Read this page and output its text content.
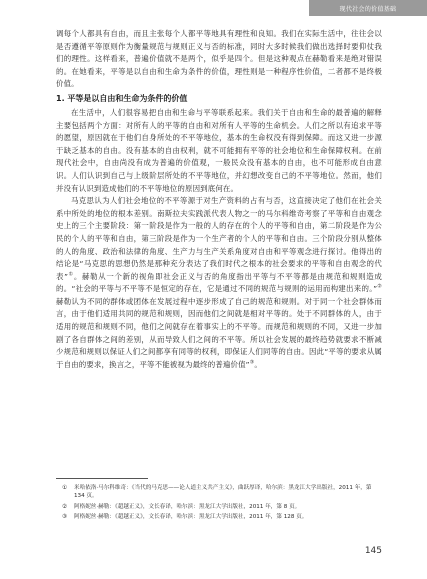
现代社会的价值基础

调每个人都具有自由，而且主张每个人都平等地具有理性和良知。我们在实际生活中，往往会以是否遵循平等原则作为衡量规范与规则正义与否的标准，同时大多时候我们做出选择时要仰仗我们的理性。这样看来，普遍价值就不是两个，似乎是四个。但是这种观点在赫勒看来是绝对错误的。在她看来，平等是以自由和生命为条件的价值，理性则是一种程序性价值，二者都不是终极价值。

1. 平等是以自由和生命为条件的价值

在生活中，人们很容易把自由和生命与平等联系起来。我们关于自由和生命的最普遍的解释主要包括两个方面：对所有人的平等的自由和对所有人平等的生命机会。人们之所以有追求平等的愿望，原因就在于他们自身所处的不平等地位，基本的生命权没有得到保障。而这又进一步源于缺乏基本的自由。没有基本的自由权利，就不可能拥有平等的社会地位和生命保障权利。在前现代社会中，自由尚没有成为普遍的价值观，一般民众没有基本的自由，也不可能形成自由意识。人们认识到自己与上级阶层所处的不平等地位，并幻想改变自己的不平等地位。然而，他们并没有认识到造成他们的不平等地位的原因到底何在。

马克思认为人们社会地位的不平等源于对生产资料的占有与否，这直接决定了他们在社会关系中所处的地位的根本差别。南斯拉夫实践派代表人物之一的马尔科维奇考察了平等和自由观念史上的三个主要阶段：第一阶段是作为一般的人的存在的个人的平等和自由，第二阶段是作为公民的个人的平等和自由，第三阶段是作为一个生产者的个人的平等和自由。三个阶段分别从整体的人的角度、政治和法律的角度、生产力与生产关系角度对自由和平等观念进行探讨。他得出的结论是“马克思的思想仍然是那种充分表达了我们时代之根本的社会要求的平等和自由观念的代表”①。赫勒从一个新的视角即社会正义与否的角度指出平等与不平等都是由规范和规则造成的。“社会的平等与不平等不是恒定的存在，它是通过不同的规范与规则的运用而构建出来的。”②赫勒认为不同的群体或团体在发展过程中逐步形成了自己的规范和规则。对于同一个社会群体而言，由于他们适用共同的规范和规则，因而他们之间就是相对平等的。处于不同群体的人，由于适用的规范和规则不同，他们之间就存在着事实上的不平等。而规范和规则的不同，又进一步加剧了各自群体之间的差别，从而导致人们之间的不平等。所以社会发展的最终趋势就要求不断减少规范和规则以保证人们之间都享有同等的权利，即保证人们同等的自由。因此“平等的要求从属于自由的要求，换言之，平等不能被视为最终的普遍价值”③。

① 米哈依洛·马尔科维奇：《当代的马克思——论人道主义共产主义》，曲跃厚译，哈尔滨：黑龙江大学出版社，2011 年，第 134 页。

② 阿格妮丝·赫勒：《超越正义》，文长春译，哈尔滨：黑龙江大学出版社，2011 年，第 8 页。

③ 阿格妮丝·赫勒：《超越正义》，文长春译，哈尔滨：黑龙江大学出版社，2011 年，第 128 页。

145
